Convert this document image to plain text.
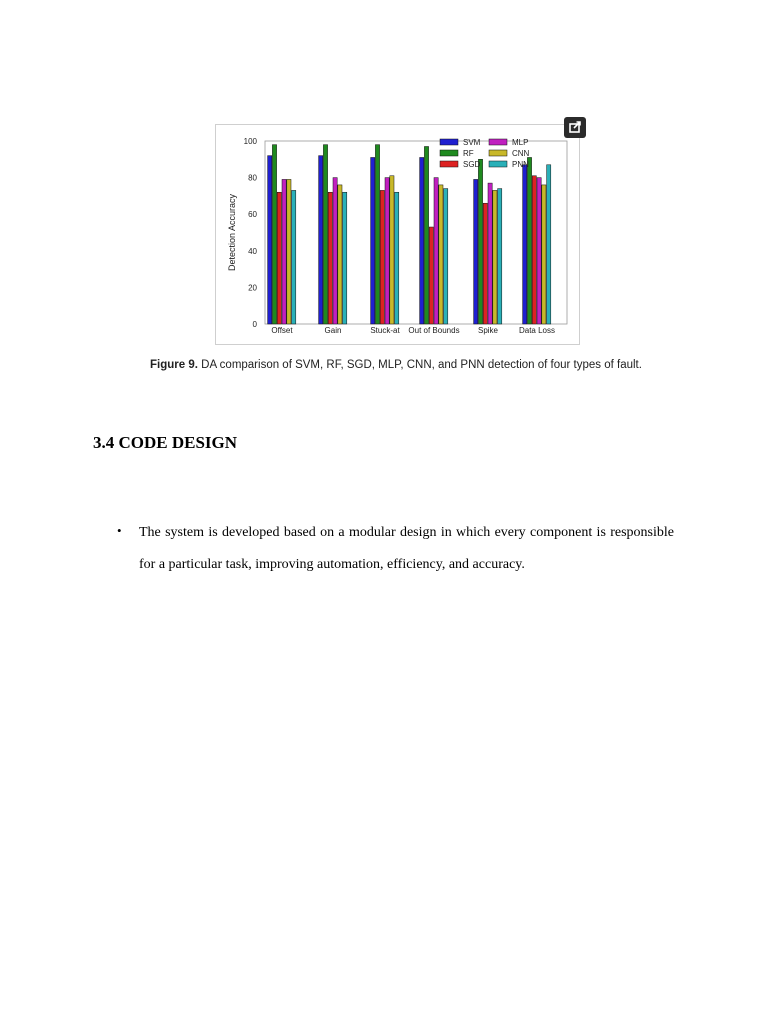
0
20
40
60
80
100
Detection Accuracy
Offset	Gain	Stuck-at Out of Bounds Spike	Data Loss
SVM
RF
SGD
MLP
CNN
PNN
Figure 9. DA comparison of SVM, RF, SGD, MLP, CNN, and PNN detection of four types of fault.
3.4 CODE DESIGN
• The system is developed based on a modular design in which every component is responsible for a particular task, improving automation, efficiency, and accuracy.
